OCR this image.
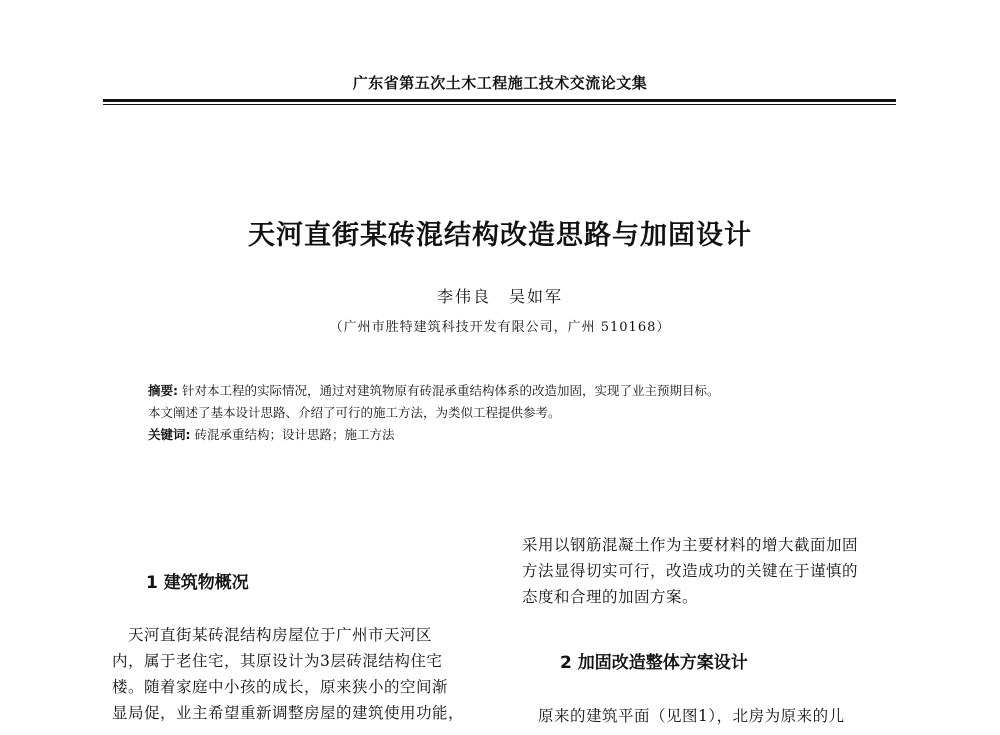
广东省第五次土木工程施工技术交流论文集
天河直街某砖混结构改造思路与加固设计
李伟良 吴如军
（广州市胜特建筑科技开发有限公司，广州 510168）

摘要: 针对本工程的实际情况，通过对建筑物原有砖混承重结构体系的改造加固，实现了业主预期目标。

本文阐述了基本设计思路、介绍了可行的施工方法，为类似工程提供参考。

关键词: 砖混承重结构；设计思路；施工方法

1 建筑物概况

　天河直街某砖混结构房屋位于广州市天河区

内，属于老住宅，其原设计为3层砖混结构住宅

楼。随着家庭中小孩的成长，原来狭小的空间渐

显局促，业主希望重新调整房屋的建筑使用功能，

采用以钢筋混凝土作为主要材料的增大截面加固

方法显得切实可行，改造成功的关键在于谨慎的

态度和合理的加固方案。

2 加固改造整体方案设计

　原来的建筑平面（见图1），北房为原来的儿
